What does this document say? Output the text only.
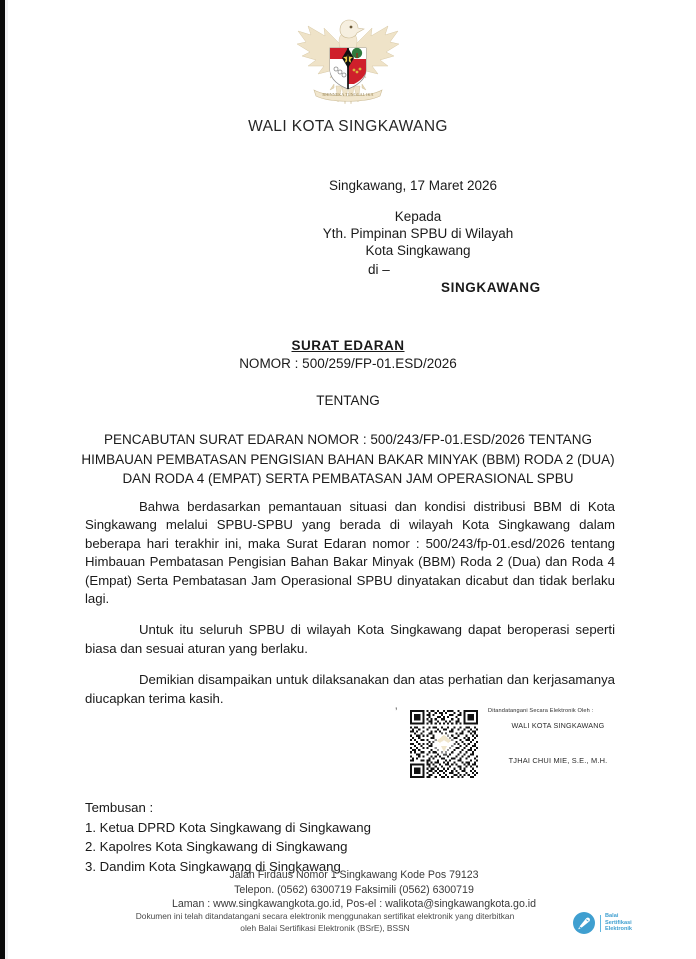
BHINNEKA TUNGGAL IKA
WALI KOTA SINGKAWANG
Singkawang, 17 Maret 2026
Kepada
Yth. Pimpinan SPBU di Wilayah
Kota Singkawang
di –
SINGKAWANG
SURAT EDARAN
NOMOR : 500/259/FP-01.ESD/2026
TENTANG
PENCABUTAN SURAT EDARAN NOMOR : 500/243/FP-01.ESD/2026 TENTANG
HIMBAUAN PEMBATASAN PENGISIAN BAHAN BAKAR MINYAK (BBM) RODA 2 (DUA)
DAN RODA 4 (EMPAT) SERTA PEMBATASAN JAM OPERASIONAL SPBU

Bahwa berdasarkan pemantauan situasi dan kondisi distribusi BBM di Kota Singkawang melalui SPBU-SPBU yang berada di wilayah Kota Singkawang dalam beberapa hari terakhir ini, maka Surat Edaran nomor : 500/243/fp-01.esd/2026 tentang Himbauan Pembatasan Pengisian Bahan Bakar Minyak (BBM) Roda 2 (Dua) dan Roda 4 (Empat) Serta Pembatasan Jam Operasional SPBU dinyatakan dicabut dan tidak berlaku lagi.

Untuk itu seluruh SPBU di wilayah Kota Singkawang dapat beroperasi seperti biasa dan sesuai aturan yang berlaku.

Demikian disampaikan untuk dilaksanakan dan atas perhatian dan kerjasamanya diucapkan terima kasih.

’	Ditandatangani Secara Elektronik Oleh :
WALI KOTA SINGKAWANG
TJHAI CHUI MIE, S.E., M.H.
Tembusan :
1. Ketua DPRD Kota Singkawang di Singkawang
2. Kapolres Kota Singkawang di Singkawang
3. Dandim Kota Singkawang di Singkawang
Jalan Firdaus Nomor 1 Singkawang Kode Pos 79123
Telepon. (0562) 6300719 Faksimili (0562) 6300719
Laman : www.singkawangkota.go.id, Pos-el : walikota@singkawangkota.go.id
Dokumen ini telah ditandatangani secara elektronik menggunakan sertifikat elektronik yang diterbitkan
oleh Balai Sertifikasi Elektronik (BSrE), BSSN
Balai
Sertifikasi
Elektronik
